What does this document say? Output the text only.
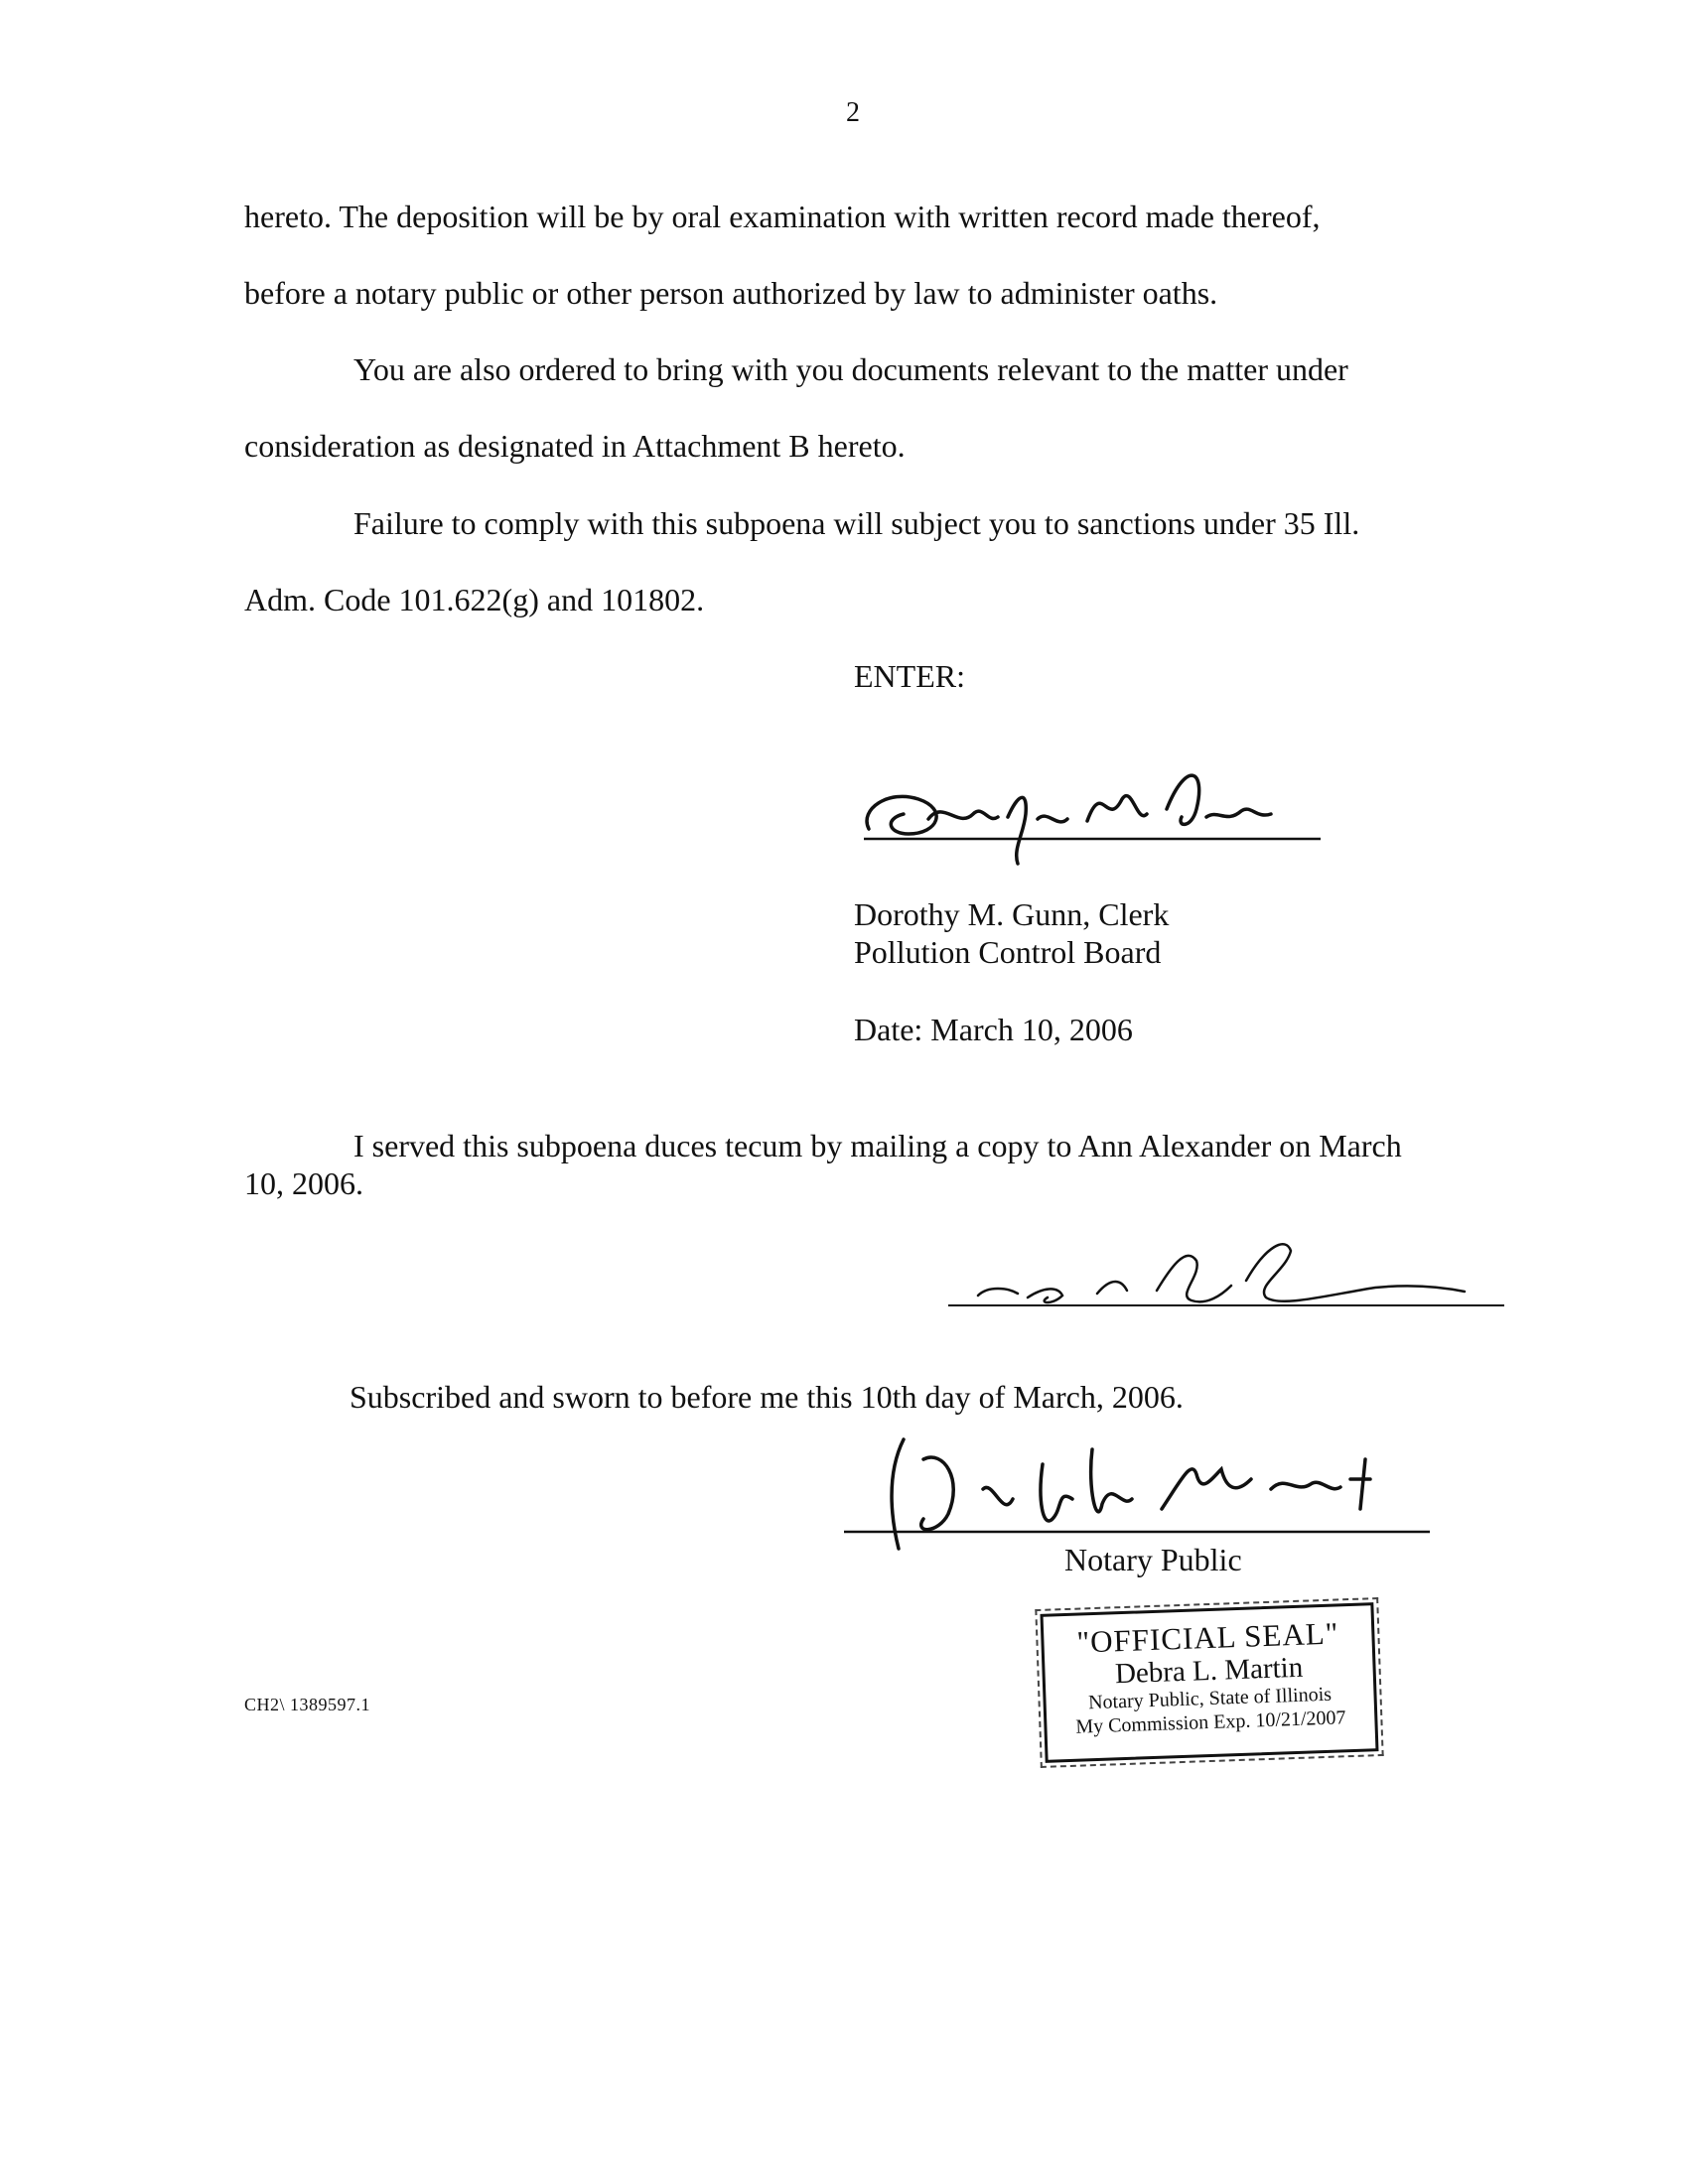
2
hereto. The deposition will be by oral examination with written record made thereof,
before a notary public or other person authorized by law to administer oaths.
You are also ordered to bring with you documents relevant to the matter under
consideration as designated in Attachment B hereto.
Failure to comply with this subpoena will subject you to sanctions under 35 Ill.
Adm. Code 101.622(g) and 101802.
ENTER:
Dorothy M. Gunn, Clerk
Pollution Control Board
Date: March 10, 2006
I served this subpoena duces tecum by mailing a copy to Ann Alexander on March
10, 2006.
Subscribed and sworn to before me this 10th day of March, 2006.
Notary Public
CH2\ 1389597.1
"OFFICIAL SEAL"
Debra L. Martin
Notary Public, State of Illinois
My Commission Exp. 10/21/2007
